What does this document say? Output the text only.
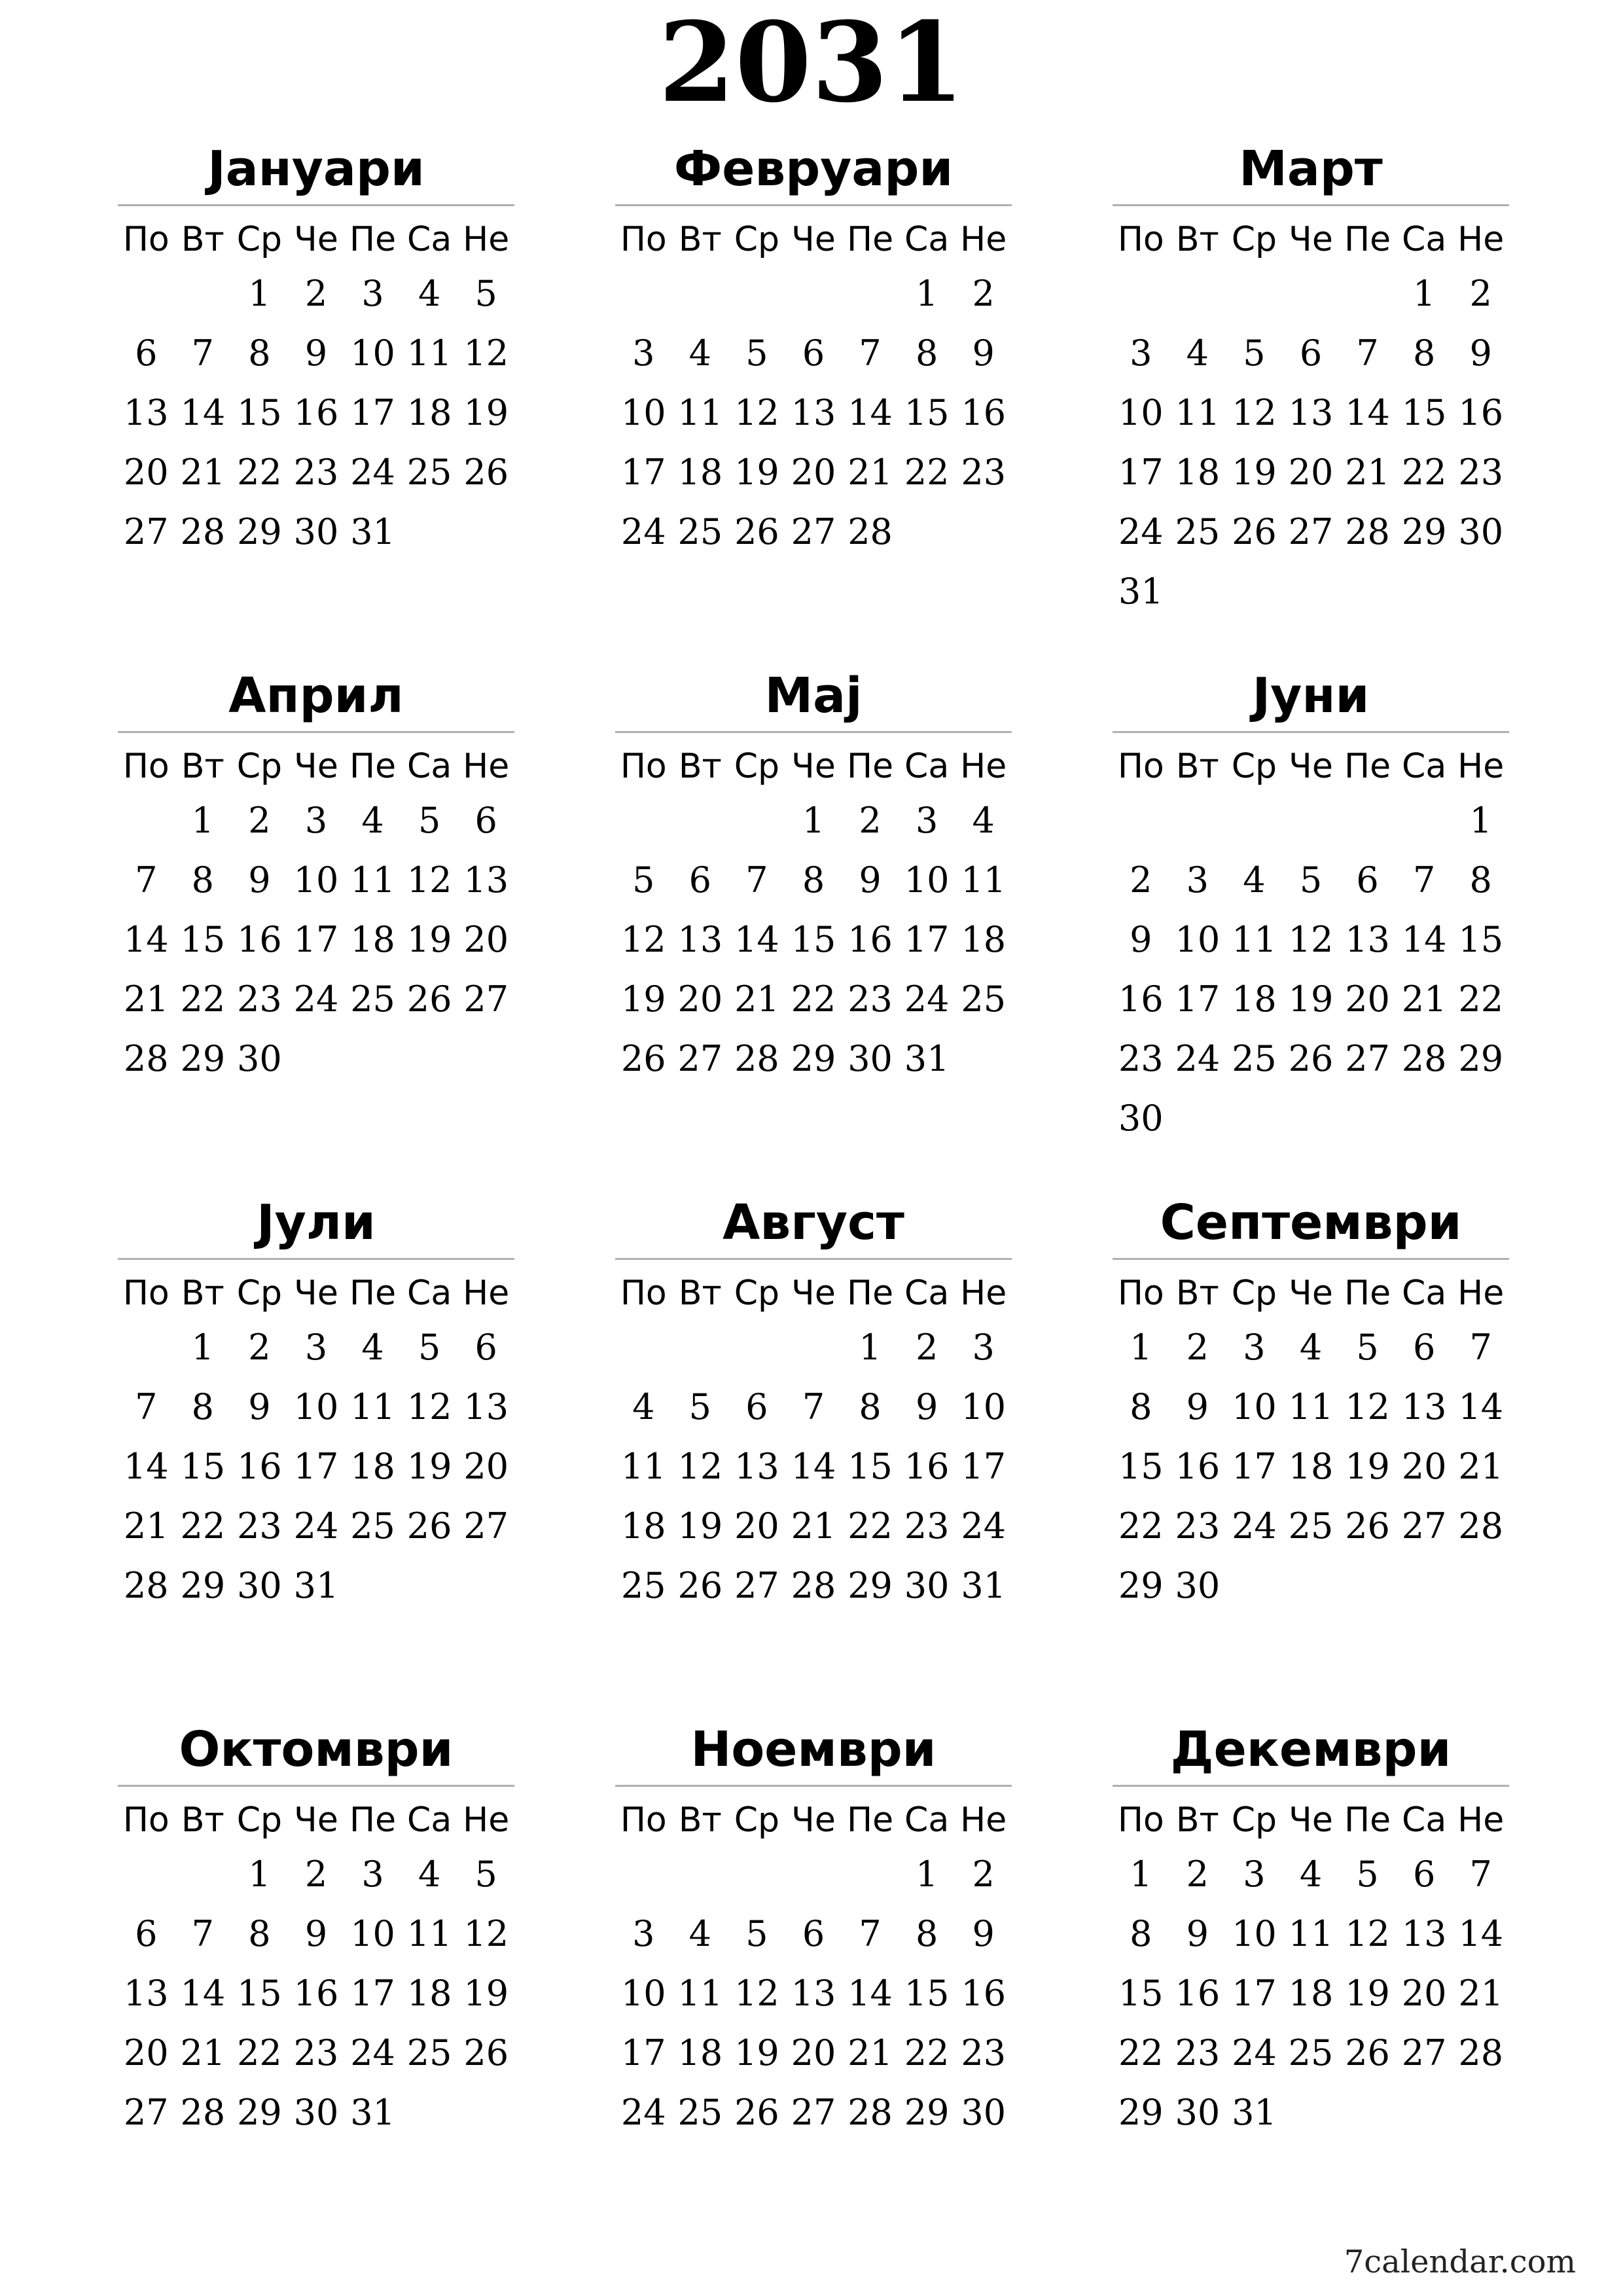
2031
Јануари
По Вт Ср Че Пе Са Не
1 2 3 4 5
6 7 8 9 10 11 12
13 14 15 16 17 18 19
20 21 22 23 24 25 26
27 28 29 30 31
Февруари
По Вт Ср Че Пе Са Не
1 2
3 4 5 6 7 8 9
10 11 12 13 14 15 16
17 18 19 20 21 22 23
24 25 26 27 28
Март
По Вт Ср Че Пе Са Не
1 2
3 4 5 6 7 8 9
10 11 12 13 14 15 16
17 18 19 20 21 22 23
24 25 26 27 28 29 30
31
Април
По Вт Ср Че Пе Са Не
1 2 3 4 5 6
7 8 9 10 11 12 13
14 15 16 17 18 19 20
21 22 23 24 25 26 27
28 29 30
Мај
По Вт Ср Че Пе Са Не
1 2 3 4
5 6 7 8 9 10 11
12 13 14 15 16 17 18
19 20 21 22 23 24 25
26 27 28 29 30 31
Јуни
По Вт Ср Че Пе Са Не
1
2 3 4 5 6 7 8
9 10 11 12 13 14 15
16 17 18 19 20 21 22
23 24 25 26 27 28 29
30
Јули
По Вт Ср Че Пе Са Не
1 2 3 4 5 6
7 8 9 10 11 12 13
14 15 16 17 18 19 20
21 22 23 24 25 26 27
28 29 30 31
Август
По Вт Ср Че Пе Са Не
1 2 3
4 5 6 7 8 9 10
11 12 13 14 15 16 17
18 19 20 21 22 23 24
25 26 27 28 29 30 31
Септември
По Вт Ср Че Пе Са Не
1 2 3 4 5 6 7
8 9 10 11 12 13 14
15 16 17 18 19 20 21
22 23 24 25 26 27 28
29 30
Октомври
По Вт Ср Че Пе Са Не
1 2 3 4 5
6 7 8 9 10 11 12
13 14 15 16 17 18 19
20 21 22 23 24 25 26
27 28 29 30 31
Ноември
По Вт Ср Че Пе Са Не
1 2
3 4 5 6 7 8 9
10 11 12 13 14 15 16
17 18 19 20 21 22 23
24 25 26 27 28 29 30
Декември
По Вт Ср Че Пе Са Не
1 2 3 4 5 6 7
8 9 10 11 12 13 14
15 16 17 18 19 20 21
22 23 24 25 26 27 28
29 30 31
7calendar.com
